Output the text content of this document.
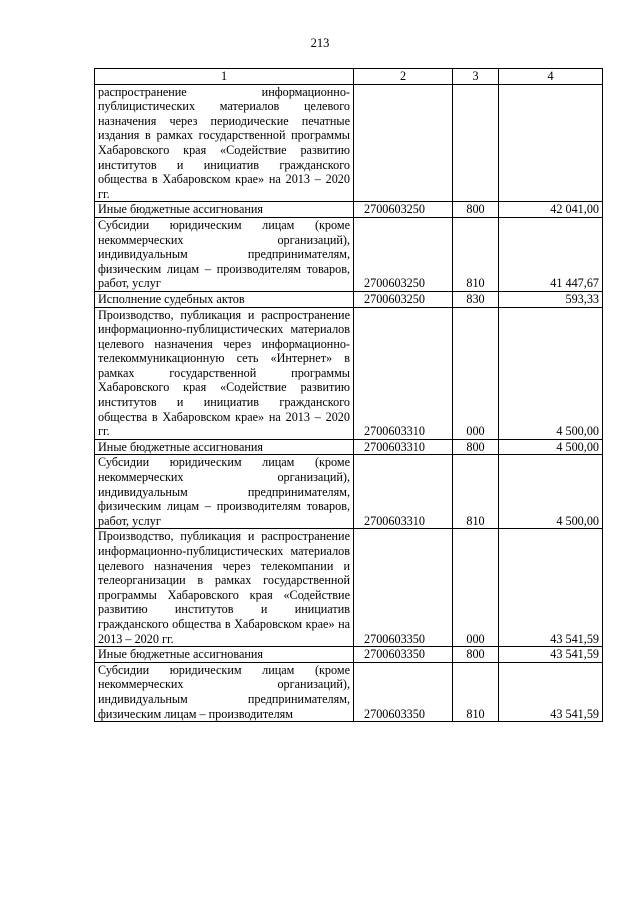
213
1	2	3	4
распространение информационно-публицистических материалов целевого назначения через периодические печатные издания в рамках государственной программы Хабаровского края «Содействие развитию институтов и инициатив гражданского общества в Хабаровском крае» на 2013 – 2020 гг.			
Иные бюджетные ассигнования	2700603250	800	42 041,00
Субсидии юридическим лицам (кроме некоммерческих организаций), индивидуальным предпринимателям, физическим лицам – производителям товаров, работ, услуг	2700603250	810	41 447,67
Исполнение судебных актов	2700603250	830	593,33
Производство, публикация и распространение информационно-публицистических материалов целевого назначения через информационно-телекоммуникационную сеть «Интернет» в рамках государственной программы Хабаровского края «Содействие развитию институтов и инициатив гражданского общества в Хабаровском крае» на 2013 – 2020 гг.	2700603310	000	4 500,00
Иные бюджетные ассигнования	2700603310	800	4 500,00
Субсидии юридическим лицам (кроме некоммерческих организаций), индивидуальным предпринимателям, физическим лицам – производителям товаров, работ, услуг	2700603310	810	4 500,00
Производство, публикация и распространение информационно-публицистических материалов целевого назначения через телекомпании и телеорганизации в рамках государственной программы Хабаровского края «Содействие развитию институтов и инициатив гражданского общества в Хабаровском крае» на 2013 – 2020 гг.	2700603350	000	43 541,59
Иные бюджетные ассигнования	2700603350	800	43 541,59
Субсидии юридическим лицам (кроме некоммерческих организаций), индивидуальным предпринимателям, физическим лицам – производителям	2700603350	810	43 541,59
